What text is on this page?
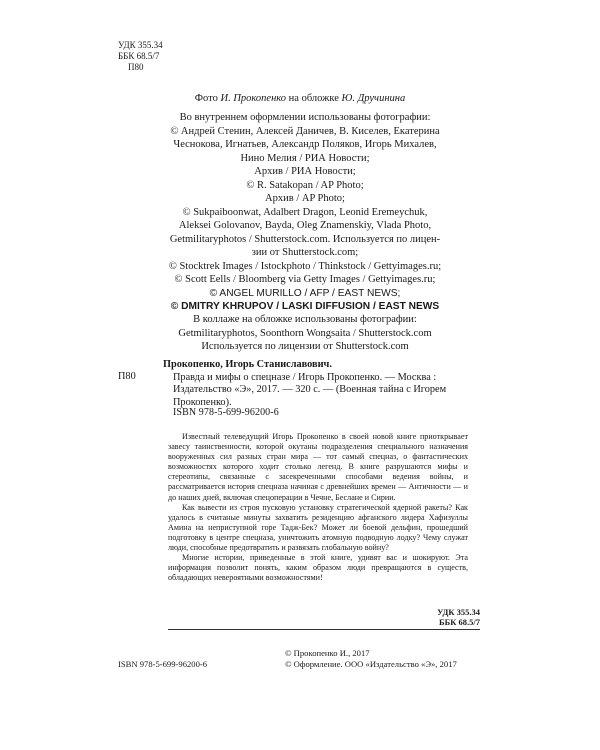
УДК 355.34
ББК 68.5/7
П80
Фото И. Прокопенко на обложке Ю. Дручинина
Во внутреннем оформлении использованы фотографии:
© Андрей Стенин, Алексей Даничев, В. Киселев, Екатерина
Чеснокова, Игнатьев, Александр Поляков, Игорь Михалев,
Нино Мелия / РИА Новости;
Архив / РИА Новости;
© R. Satakopan / AP Photo;
Архив / AP Photo;
© Sukpaiboonwat, Adalbert Dragon, Leonid Eremeychuk,
Aleksei Golovanov, Bayda, Oleg Znamenskiy, Vlada Photo,
Getmilitaryphotos / Shutterstock.com. Используется по лицен-
зии от Shutterstock.com;
© Stocktrek Images / Istockphoto / Thinkstock / Gettyimages.ru;
© Scott Eells / Bloomberg via Getty Images / Gettyimages.ru;
© ANGEL MURILLO / AFP / EAST NEWS;
© DMITRY KHRUPOV / LASKI DIFFUSION / EAST NEWS
В коллаже на обложке использованы фотографии:
Getmilitaryphotos, Soonthorn Wongsaita / Shutterstock.com
Используется по лицензии от Shutterstock.com
П80
Прокопенко, Игорь Станиславович.
Правда и мифы о спецназе / Игорь Прокопенко. — Москва : Издательство «Э», 2017. — 320 с. — (Военная тайна с Игорем Прокопенко).
ISBN 978-5-699-96200-6

Известный телеведущий Игорь Прокопенко в своей новой книге приоткрывает завесу таинственности, которой окутаны подразделения специального назначения вооруженных сил разных стран мира — тот самый спецназ, о фантастических возможностях которого ходит столько легенд. В книге разрушаются мифы и стереотипы, связанные с засекреченными способами ведения войны, и рассматривается история спецназа начиная с древнейших времен — Античности — и до наших дней, включая спецоперации в Чечне, Беслане и Сирии.

Как вывести из строя пусковую установку стратегической ядерной ракеты? Как удалось в считаные минуты захватить резиденцию афганского лидера Хафизуллы Амина на неприступной горе Тадж-Бек? Может ли боевой дельфин, прошедший подготовку в центре спецназа, уничтожить атомную подводную лодку? Чему служат люди, способные предотвратить и развязать глобальную войну?

Многие истории, приведенные в этой книге, удивят вас и шокируют. Эта информация позволит понять, каким образом люди превращаются в существ, обладающих невероятными возможностями!

УДК 355.34
ББК 68.5/7
ISBN 978-5-699-96200-6
© Прокопенко И., 2017
© Оформление. ООО «Издательство «Э», 2017
